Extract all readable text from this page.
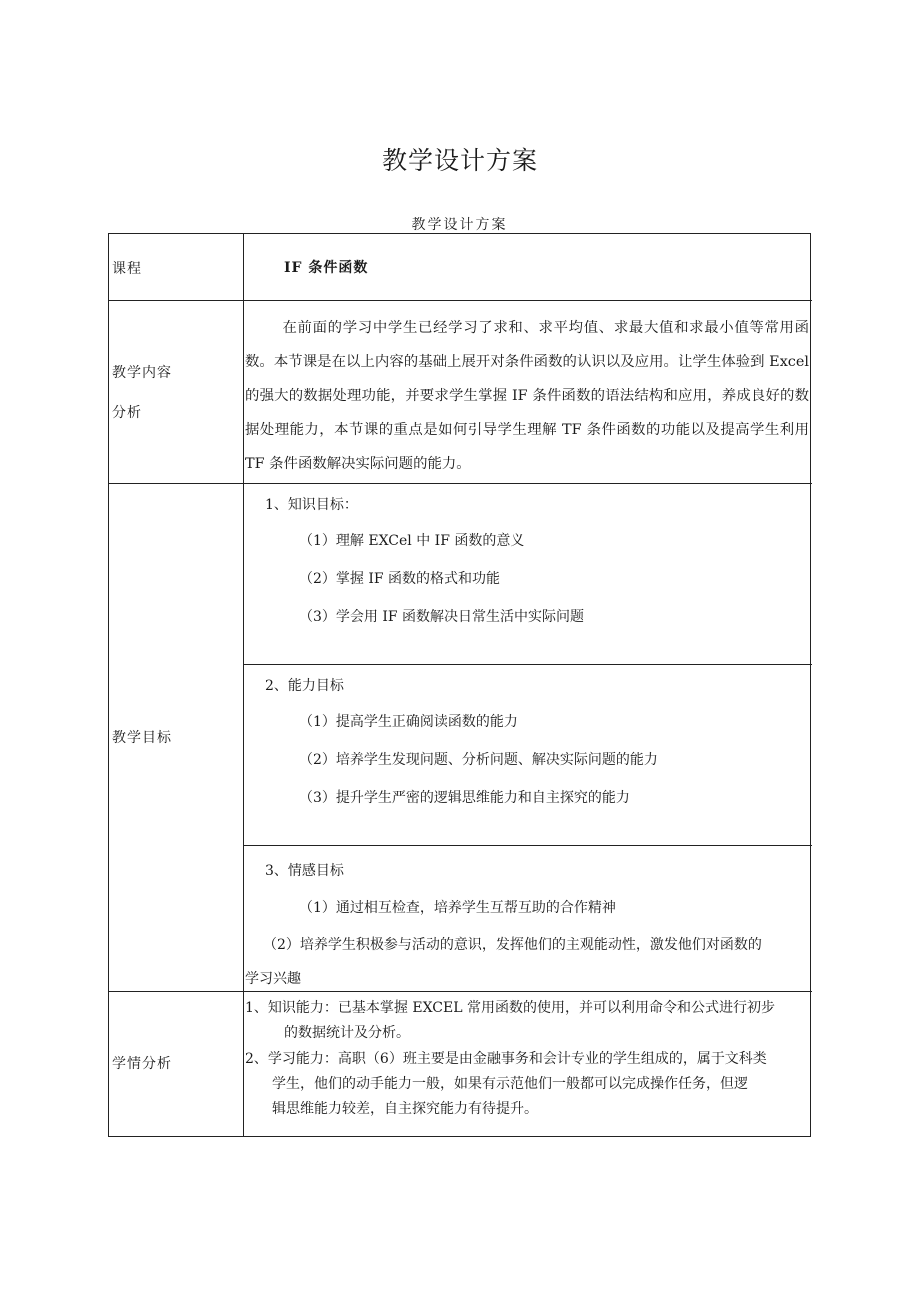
教学设计方案
教学设计方案
课程	IF 条件函数
教学内容
分析
在前面的学习中学生已经学习了求和、求平均值、求最大值和求最小值等常用函数。本节课是在以上内容的基础上展开对条件函数的认识以及应用。让学生体验到 Excel 的强大的数据处理功能，并要求学生掌握 IF 条件函数的语法结构和应用，养成良好的数据处理能力，本节课的重点是如何引导学生理解 TF 条件函数的功能以及提高学生利用 TF 条件函数解决实际问题的能力。
教学目标
1、知识目标：
（1）理解 EXCel 中 IF 函数的意义
（2）掌握 IF 函数的格式和功能
（3）学会用 IF 函数解决日常生活中实际问题
2、能力目标
（1）提高学生正确阅读函数的能力
（2）培养学生发现问题、分析问题、解决实际问题的能力
（3）提升学生严密的逻辑思维能力和自主探究的能力
3、情感目标
（1）通过相互检查，培养学生互帮互助的合作精神
（2）培养学生积极参与活动的意识，发挥他们的主观能动性，激发他们对函数的
学习兴趣
学情分析
1、知识能力：已基本掌握 EXCEL 常用函数的使用，并可以利用命令和公式进行初步
的数据统计及分析。
2、学习能力：高职（6）班主要是由金融事务和会计专业的学生组成的，属于文科类
学生，他们的动手能力一般，如果有示范他们一般都可以完成操作任务，但逻
辑思维能力较差，自主探究能力有待提升。
